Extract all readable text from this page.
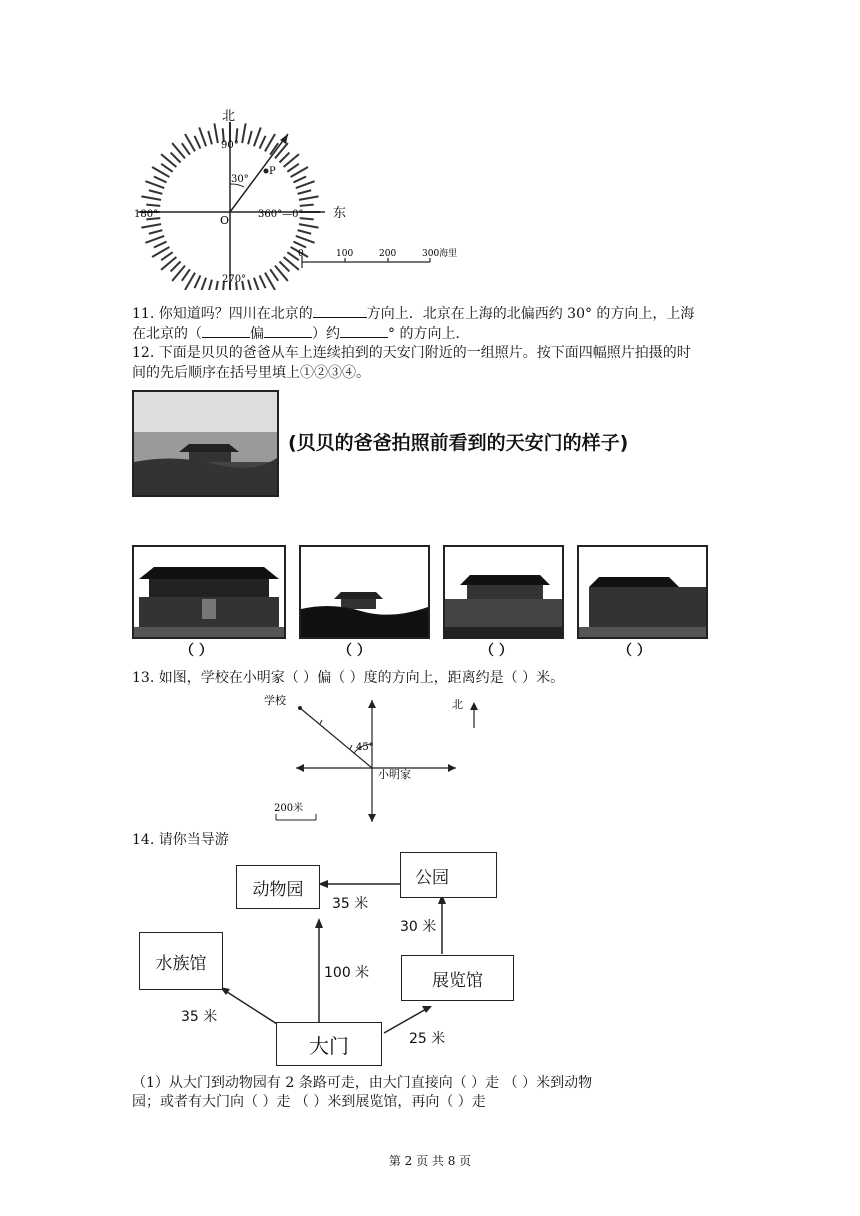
北
东
90°
180°
270°
360°—0°
30°
O
P
0	100	200	300海里
11. 你知道吗？四川在北京的	方向上．北京在上海的北偏西约 30° 的方向上，上海
在北京的（	偏	）约	° 的方向上．
12. 下面是贝贝的爸爸从车上连续拍到的天安门附近的一组照片。按下面四幅照片拍摄的时
间的先后顺序在括号里填上①②③④。
(贝贝的爸爸拍照前看到的天安门的样子)
（ ）	（ ）	（ ）	（ ）
13. 如图，学校在小明家（ ）偏（ ）度的方向上，距离约是（ ）米。
学校	北
45°
小明家
200米
14. 请你当导游
动物园
公园
水族馆
展览馆
大门
35 米
30 米
100 米
35 米
25 米
（1）从大门到动物园有 2 条路可走，由大门直接向（ ）走 （ ）米到动物
园；或者有大门向（ ）走 （ ）米到展览馆，再向（ ）走
第 2 页 共 8 页
